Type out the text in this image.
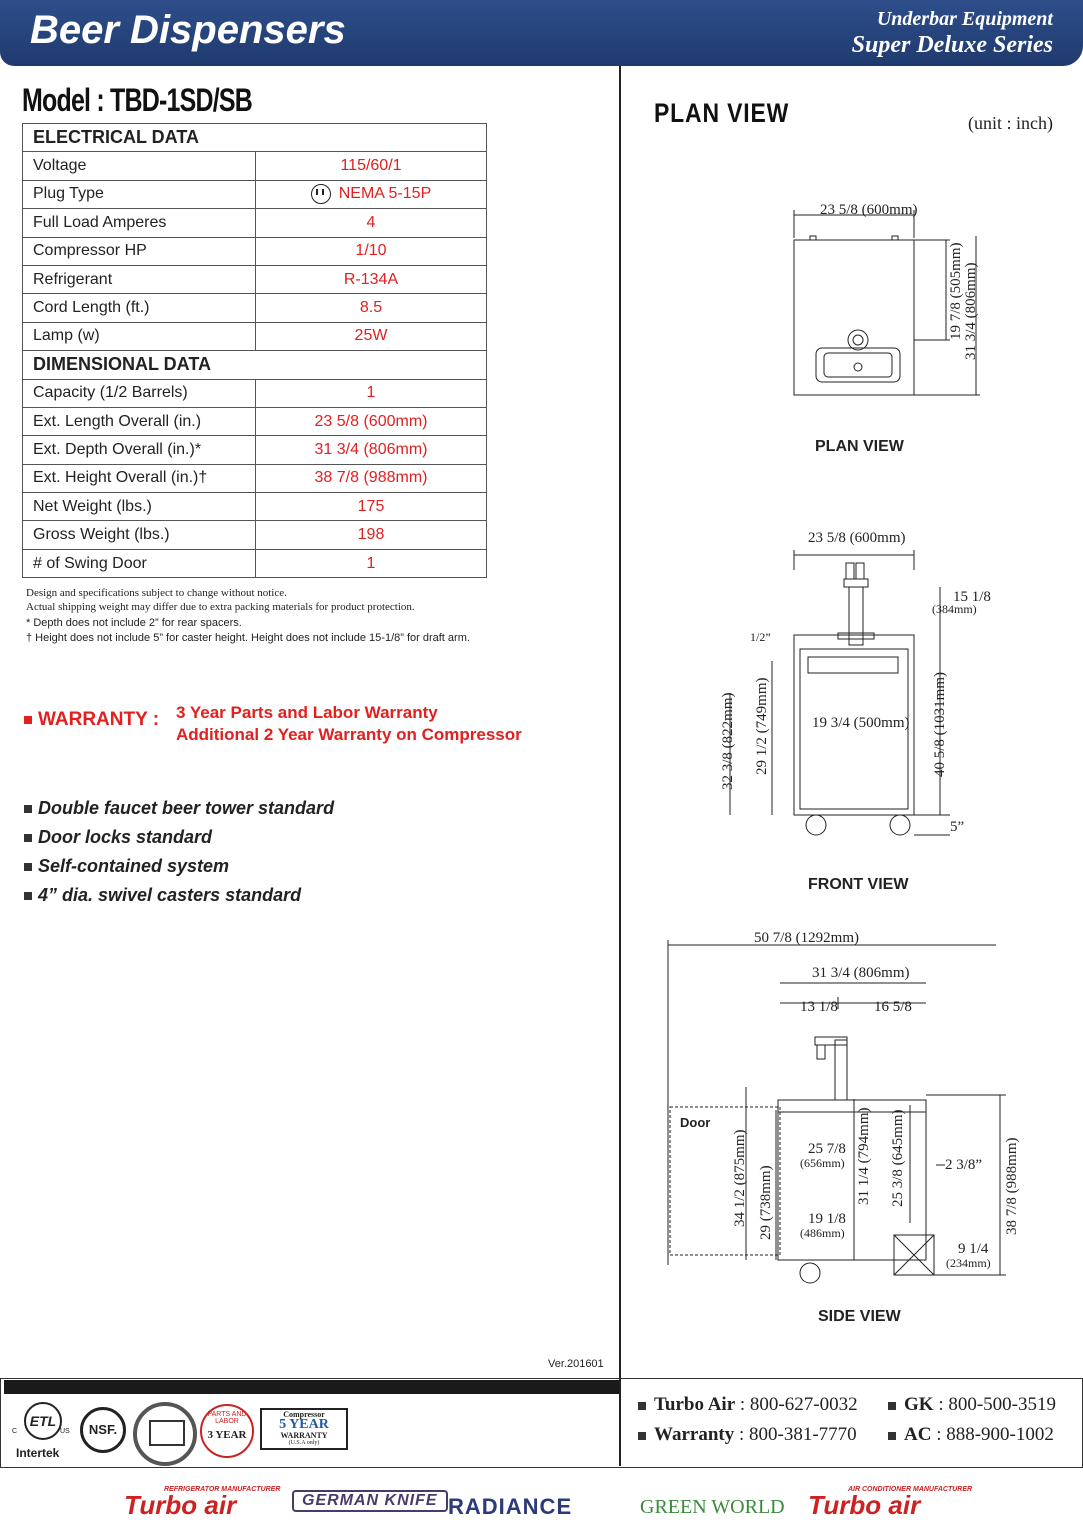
Beer Dispensers	Underbar Equipment
Super Deluxe Series
Model : TBD-1SD/SB
ELECTRICAL DATA	
Voltage	115/60/1
Plug Type	NEMA 5-15P
Full Load Amperes	4
Compressor HP	1/10
Refrigerant	R-134A
Cord Length (ft.)	8.5
Lamp (w)	25W
DIMENSIONAL DATA	
Capacity (1/2 Barrels)	1
Ext. Length Overall (in.)	23 5/8 (600mm)
Ext. Depth Overall (in.)*	31 3/4 (806mm)
Ext. Height Overall (in.)†	38 7/8 (988mm)
Net Weight (lbs.)	175
Gross Weight (lbs.)	198
# of Swing Door	1
Design and specifications subject to change without notice.
Actual shipping weight may differ due to extra packing materials for product protection.
* Depth does not include 2” for rear spacers.
† Height does not include 5” for caster height. Height does not include 15-1/8” for draft arm.
WARRANTY : 3 Year Parts and Labor Warranty
Additional 2 Year Warranty on Compressor
Double faucet beer tower standard
Door locks standard
Self-contained system
4” dia. swivel casters standard
Ver.201601
PLAN VIEW	(unit : inch)
23 5/8 (600mm)
19 7/8 (505mm) 31 3/4 (806mm)
PLAN VIEW
23 5/8 (600mm)
15 1/8
(384mm)
1/2”
32 3/8 (822mm) 29 1/2 (749mm)	19 3/4 (500mm) 40 5/8 (1031mm)
5”
FRONT VIEW
50 7/8 (1292mm)
31 3/4 (806mm)
13 1/8 16 5/8
Door
34 1/2 (875mm) 29 (738mm)
25 7/8
(656mm)
19 1/8
(486mm)
31 1/4 (794mm) 25 3/8 (645mm)	2 3/8”
9 1/4
(234mm)
38 7/8 (988mm)
SIDE VIEW
ETL
C	US
Intertek
NSF.
PARTS AND LABOR
3 YEAR
Compressor
5 YEAR
WARRANTY
(U.S.A only)
Turbo Air : 800-627-0032	GK : 800-500-3519
Warranty : 800-381-7770	AC : 888-900-1002
REFRIGERATOR MANUFACTURER
Turbo air	GERMAN KNIFE RADIANCE	GREEN WORLD
AIR CONDITIONER MANUFACTURER
Turbo air
